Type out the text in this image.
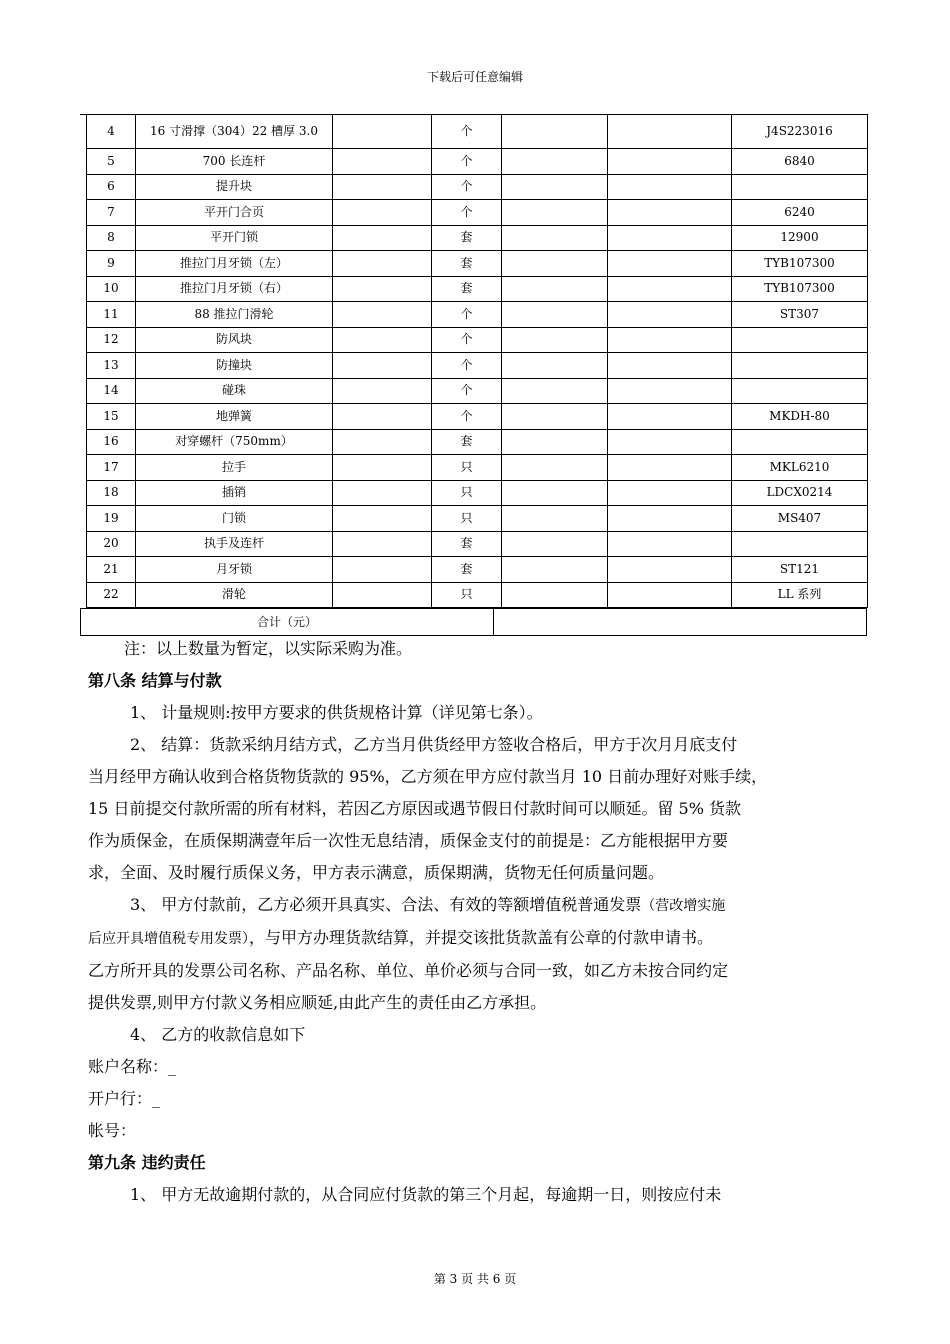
下载后可任意编辑
4	16 寸滑撑（304）22 槽厚 3.0		个			J4S223016
5	700 长连杆		个			6840
6	提升块		个			
7	平开门合页		个			6240
8	平开门锁		套			12900
9	推拉门月牙锁（左）		套			TYB107300
10	推拉门月牙锁（右）		套			TYB107300
11	88 推拉门滑轮		个			ST307
12	防风块		个			
13	防撞块		个			
14	碰珠		个			
15	地弹簧		个			MKDH-80
16	对穿螺杆（750mm）		套			
17	拉手		只			MKL6210
18	插销		只			LDCX0214
19	门锁		只			MS407
20	执手及连杆		套			
21	月牙锁		套			ST121
22	滑轮		只			LL 系列
合计（元）

注：以上数量为暂定，以实际采购为准。

第八条 结算与付款

1、 计量规则:按甲方要求的供货规格计算（详见第七条）。

2、 结算：货款采纳月结方式，乙方当月供货经甲方签收合格后，甲方于次月月底支付

当月经甲方确认收到合格货物货款的 95%，乙方须在甲方应付款当月 10 日前办理好对账手续，

15 日前提交付款所需的所有材料，若因乙方原因或遇节假日付款时间可以顺延。留 5% 货款

作为质保金，在质保期满壹年后一次性无息结清，质保金支付的前提是：乙方能根据甲方要

求，全面、及时履行质保义务，甲方表示满意，质保期满，货物无任何质量问题。

3、 甲方付款前，乙方必须开具真实、合法、有效的等额增值税普通发票（营改增实施

后应开具增值税专用发票），与甲方办理货款结算，并提交该批货款盖有公章的付款申请书。

乙方所开具的发票公司名称、产品名称、单位、单价必须与合同一致，如乙方未按合同约定

提供发票,则甲方付款义务相应顺延,由此产生的责任由乙方承担。

4、 乙方的收款信息如下

账户名称：_

开户行：_

帐号：

第九条 违约责任

1、 甲方无故逾期付款的，从合同应付货款的第三个月起，每逾期一日，则按应付未

第 3 页 共 6 页
